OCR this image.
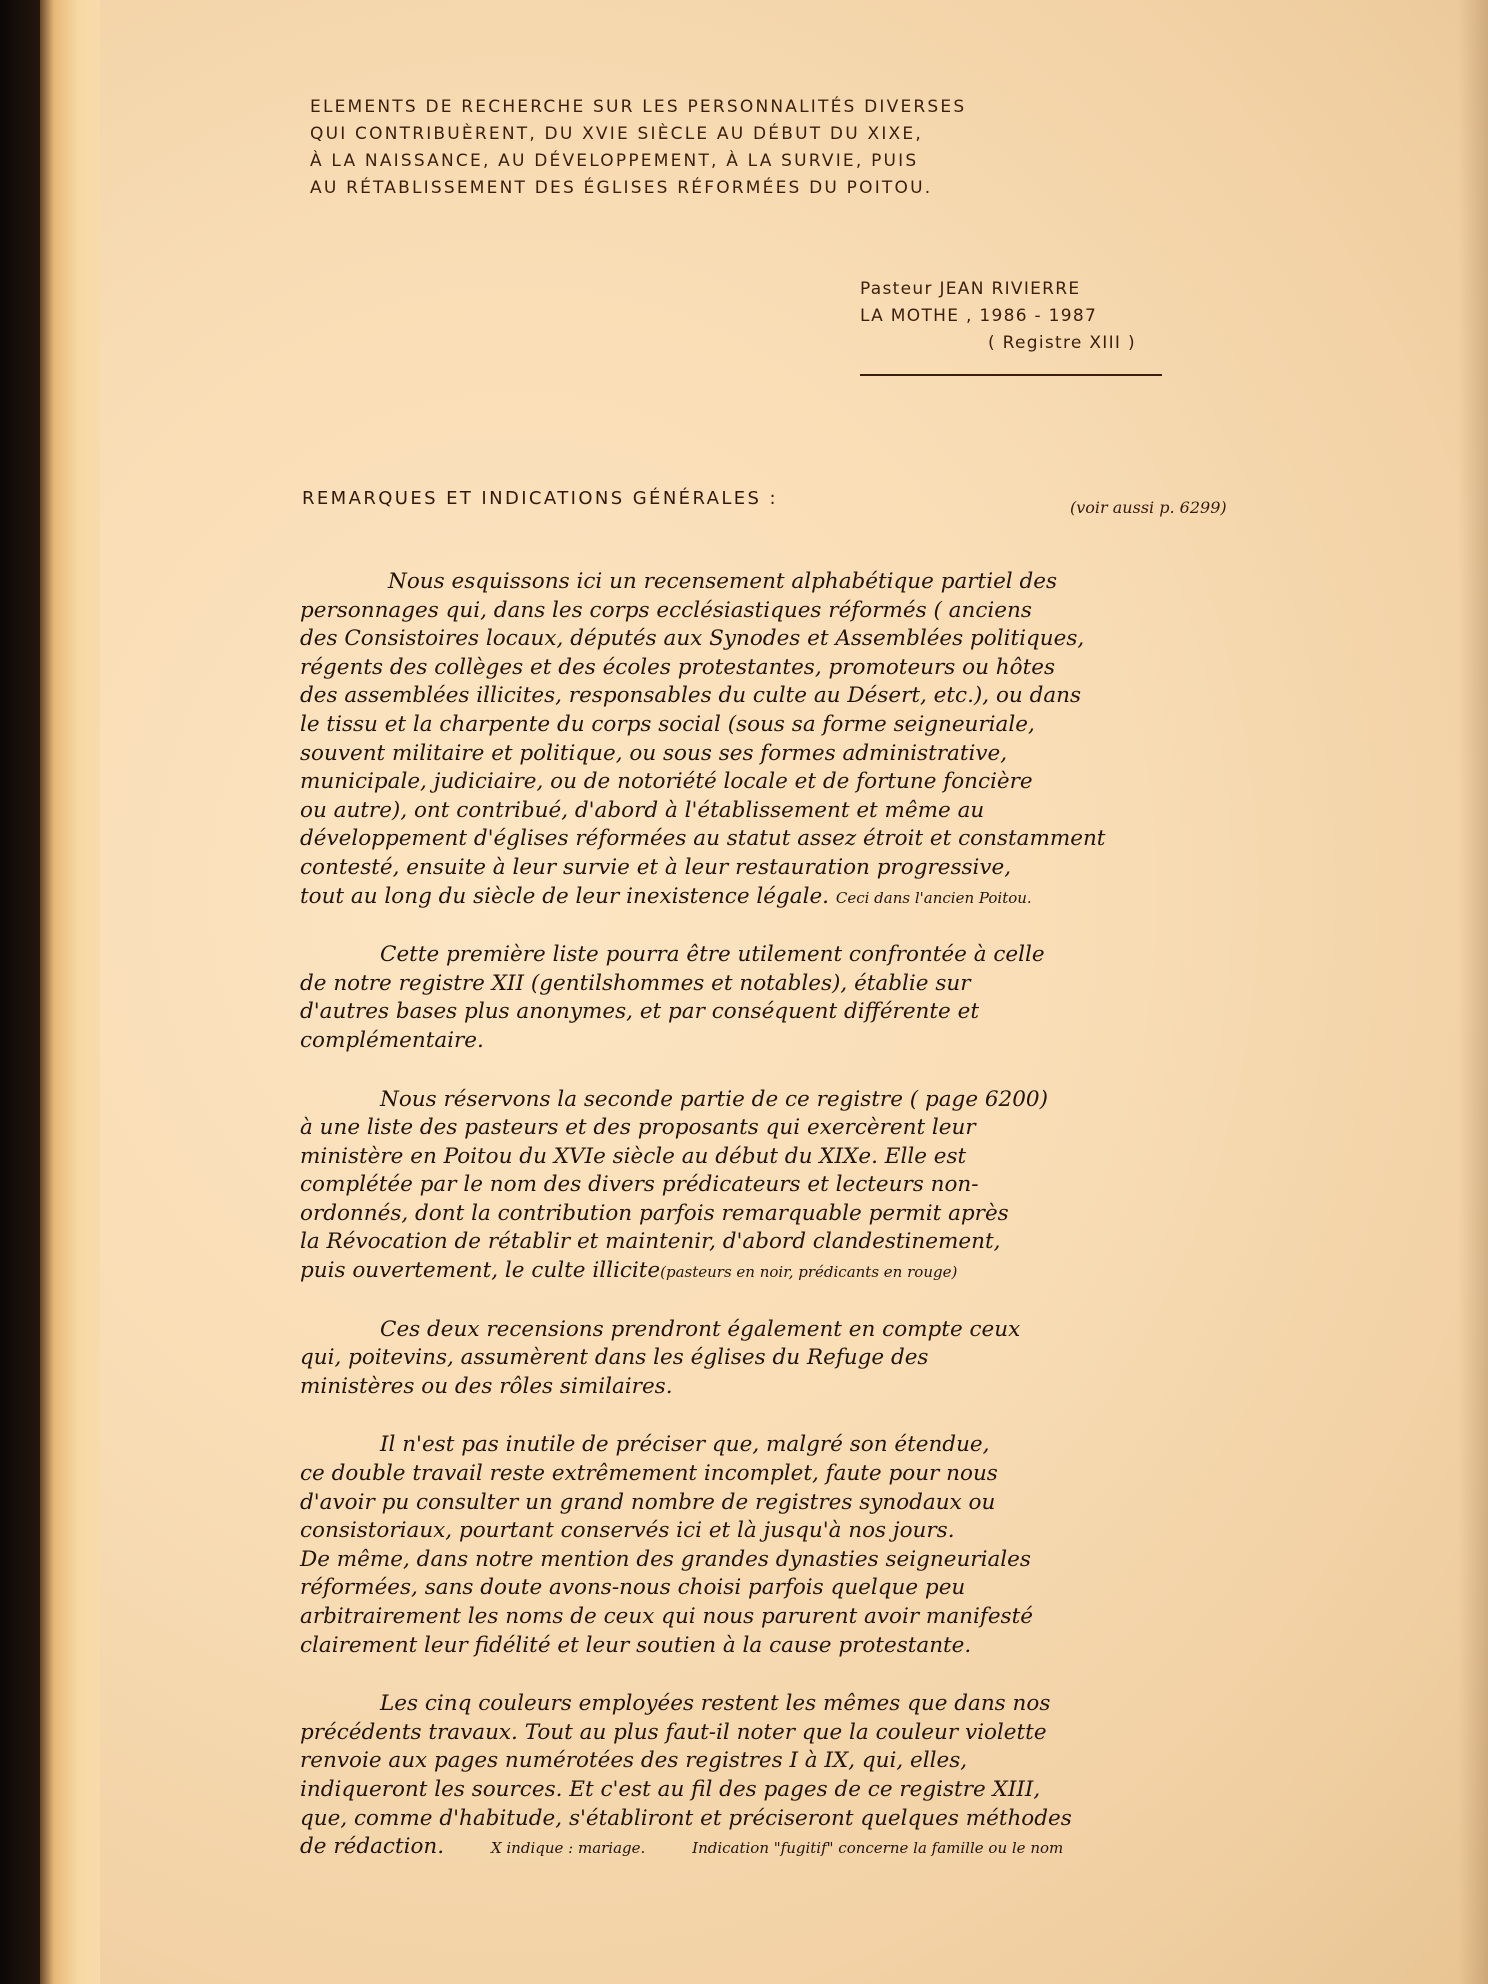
ELEMENTS DE RECHERCHE SUR LES PERSONNALITÉS DIVERSES
QUI CONTRIBUÈRENT, DU XVIE SIÈCLE AU DÉBUT DU XIXE,
À LA NAISSANCE, AU DÉVELOPPEMENT, À LA SURVIE, PUIS
AU RÉTABLISSEMENT DES ÉGLISES RÉFORMÉES DU POITOU.
Pasteur JEAN RIVIERRE
LA MOTHE , 1986 - 1987
( Registre XIII )
REMARQUES ET INDICATIONS GÉNÉRALES :	(voir aussi p. 6299)
Nous esquissons ici un recensement alphabétique partiel des
personnages qui, dans les corps ecclésiastiques réformés ( anciens
des Consistoires locaux, députés aux Synodes et Assemblées politiques,
régents des collèges et des écoles protestantes, promoteurs ou hôtes
des assemblées illicites, responsables du culte au Désert, etc.), ou dans
le tissu et la charpente du corps social (sous sa forme seigneuriale,
souvent militaire et politique, ou sous ses formes administrative,
municipale, judiciaire, ou de notoriété locale et de fortune foncière
ou autre), ont contribué, d'abord à l'établissement et même au
développement d'églises réformées au statut assez étroit et constamment
contesté, ensuite à leur survie et à leur restauration progressive,
tout au long du siècle de leur inexistence légale. Ceci dans l'ancien Poitou.
Cette première liste pourra être utilement confrontée à celle
de notre registre XII (gentilshommes et notables), établie sur
d'autres bases plus anonymes, et par conséquent différente et
complémentaire.
Nous réservons la seconde partie de ce registre ( page 6200)
à une liste des pasteurs et des proposants qui exercèrent leur
ministère en Poitou du XVIe siècle au début du XIXe. Elle est
complétée par le nom des divers prédicateurs et lecteurs non-
ordonnés, dont la contribution parfois remarquable permit après
la Révocation de rétablir et maintenir, d'abord clandestinement,
puis ouvertement, le culte illicite(pasteurs en noir, prédicants en rouge)
Ces deux recensions prendront également en compte ceux
qui, poitevins, assumèrent dans les églises du Refuge des
ministères ou des rôles similaires.
Il n'est pas inutile de préciser que, malgré son étendue,
ce double travail reste extrêmement incomplet, faute pour nous
d'avoir pu consulter un grand nombre de registres synodaux ou
consistoriaux, pourtant conservés ici et là jusqu'à nos jours.
De même, dans notre mention des grandes dynasties seigneuriales
réformées, sans doute avons-nous choisi parfois quelque peu
arbitrairement les noms de ceux qui nous parurent avoir manifesté
clairement leur fidélité et leur soutien à la cause protestante.
Les cinq couleurs employées restent les mêmes que dans nos
précédents travaux. Tout au plus faut-il noter que la couleur violette
renvoie aux pages numérotées des registres I à IX, qui, elles,
indiqueront les sources. Et c'est au fil des pages de ce registre XIII,
que, comme d'habitude, s'établiront et préciseront quelques méthodes
de rédaction.	X indique : mariage.	Indication "fugitif" concerne la famille ou le nom
